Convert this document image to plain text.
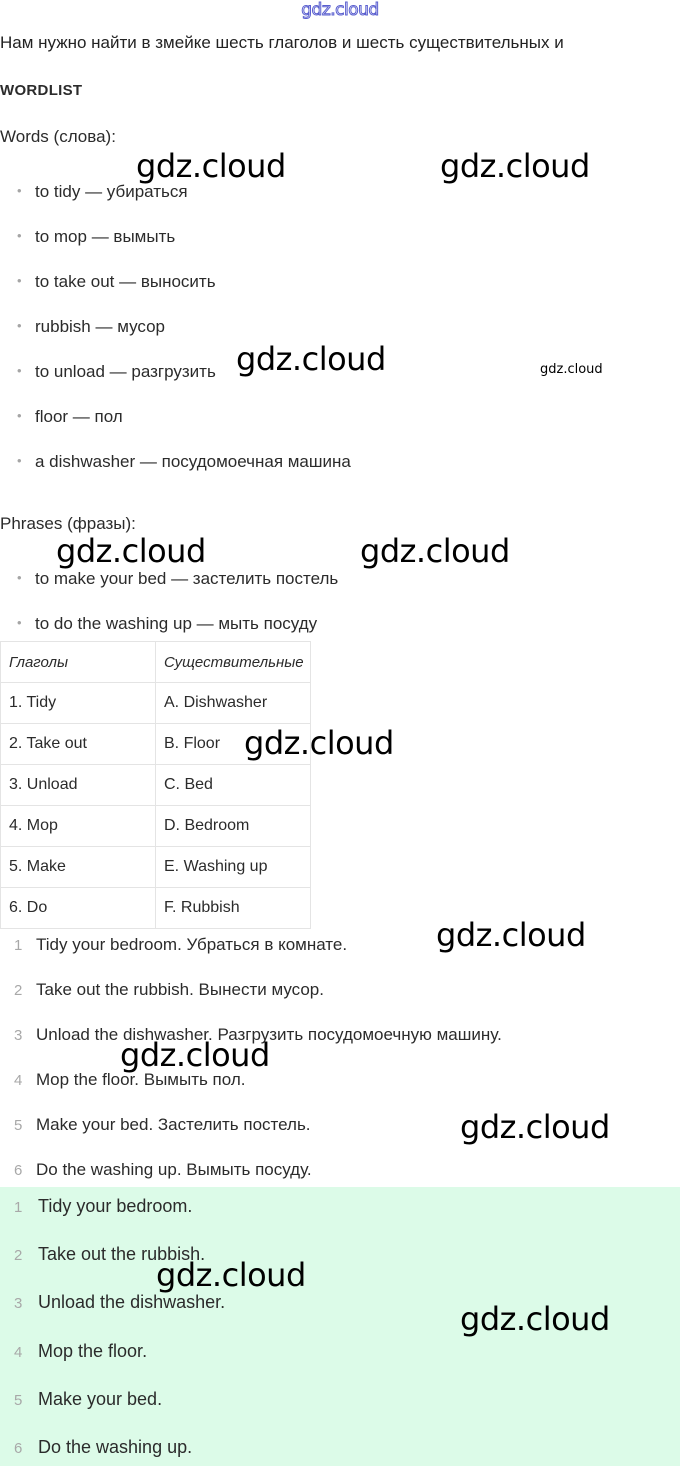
gdz.cloud
Нам нужно найти в змейке шесть глаголов и шесть существительных и
WORDLIST
Words (слова):
• to tidy — убираться
• to mop — вымыть
• to take out — выносить
• rubbish — мусор
• to unload — разгрузить
• floor — пол
• a dishwasher — посудомоечная машина
Phrases (фразы):
• to make your bed — застелить постель
• to do the washing up — мыть посуду
Глаголы	Существительные
1. Tidy	A. Dishwasher
2. Take out	B. Floor
3. Unload	C. Bed
4. Mop	D. Bedroom
5. Make	E. Washing up
6. Do	F. Rubbish
1 Tidy your bedroom. Убраться в комнате.
2 Take out the rubbish. Вынести мусор.
3 Unload the dishwasher. Разгрузить посудомоечную машину.
4 Mop the floor. Вымыть пол.
5 Make your bed. Застелить постель.
6 Do the washing up. Вымыть посуду.
1 Tidy your bedroom.
2 Take out the rubbish.
3 Unload the dishwasher.
4 Mop the floor.
5 Make your bed.
6 Do the washing up.
gdz.cloud	gdz.cloud
gdz.cloud	gdz.cloud
gdz.cloud	gdz.cloud
gdz.cloud
gdz.cloud
gdz.cloud
gdz.cloud
gdz.cloud
gdz.cloud
